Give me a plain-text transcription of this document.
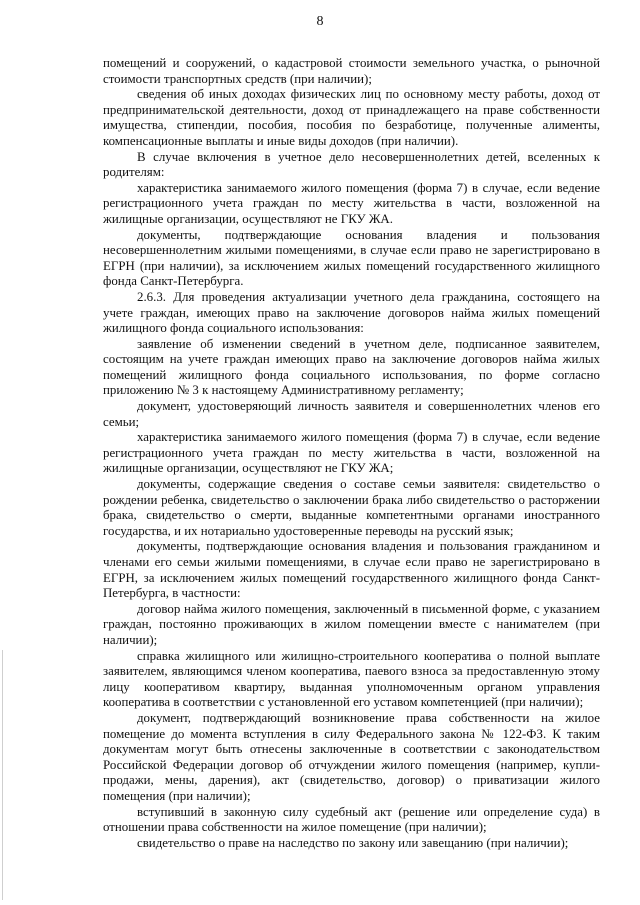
8

помещений и сооружений, о кадастровой стоимости земельного участка, о рыночной стоимости транспортных средств (при наличии);

сведения об иных доходах физических лиц по основному месту работы, доход от предпринимательской деятельности, доход от принадлежащего на праве собственности имущества, стипендии, пособия, пособия по безработице, полученные алименты, компенсационные выплаты и иные виды доходов (при наличии).

В случае включения в учетное дело несовершеннолетних детей, вселенных к родителям:

характеристика занимаемого жилого помещения (форма 7) в случае, если ведение регистрационного учета граждан по месту жительства в части, возложенной на жилищные организации, осуществляют не ГКУ ЖА.

документы, подтверждающие основания владения и пользования несовершеннолетним жилыми помещениями, в случае если право не зарегистрировано в ЕГРН (при наличии), за исключением жилых помещений государственного жилищного фонда Санкт-Петербурга.

2.6.3. Для проведения актуализации учетного дела гражданина, состоящего на учете граждан, имеющих право на заключение договоров найма жилых помещений жилищного фонда социального использования:

заявление об изменении сведений в учетном деле, подписанное заявителем, состоящим на учете граждан имеющих право на заключение договоров найма жилых помещений жилищного фонда социального использования, по форме согласно приложению № 3 к настоящему Административному регламенту;

документ, удостоверяющий личность заявителя и совершеннолетних членов его семьи;

характеристика занимаемого жилого помещения (форма 7) в случае, если ведение регистрационного учета граждан по месту жительства в части, возложенной на жилищные организации, осуществляют не ГКУ ЖА;

документы, содержащие сведения о составе семьи заявителя: свидетельство о рождении ребенка, свидетельство о заключении брака либо свидетельство о расторжении брака, свидетельство о смерти, выданные компетентными органами иностранного государства, и их нотариально удостоверенные переводы на русский язык;

документы, подтверждающие основания владения и пользования гражданином и членами его семьи жилыми помещениями, в случае если право не зарегистрировано в ЕГРН, за исключением жилых помещений государственного жилищного фонда Санкт-Петербурга, в частности:

договор найма жилого помещения, заключенный в письменной форме, с указанием граждан, постоянно проживающих в жилом помещении вместе с нанимателем (при наличии);

справка жилищного или жилищно-строительного кооператива о полной выплате заявителем, являющимся членом кооператива, паевого взноса за предоставленную этому лицу кооперативом квартиру, выданная уполномоченным органом управления кооператива в соответствии с установленной его уставом компетенцией (при наличии);

документ, подтверждающий возникновение права собственности на жилое помещение до момента вступления в силу Федерального закона № 122-ФЗ. К таким документам могут быть отнесены заключенные в соответствии с законодательством Российской Федерации договор об отчуждении жилого помещения (например, купли-продажи, мены, дарения), акт (свидетельство, договор) о приватизации жилого помещения (при наличии);

вступивший в законную силу судебный акт (решение или определение суда) в отношении права собственности на жилое помещение (при наличии);

свидетельство о праве на наследство по закону или завещанию (при наличии);
